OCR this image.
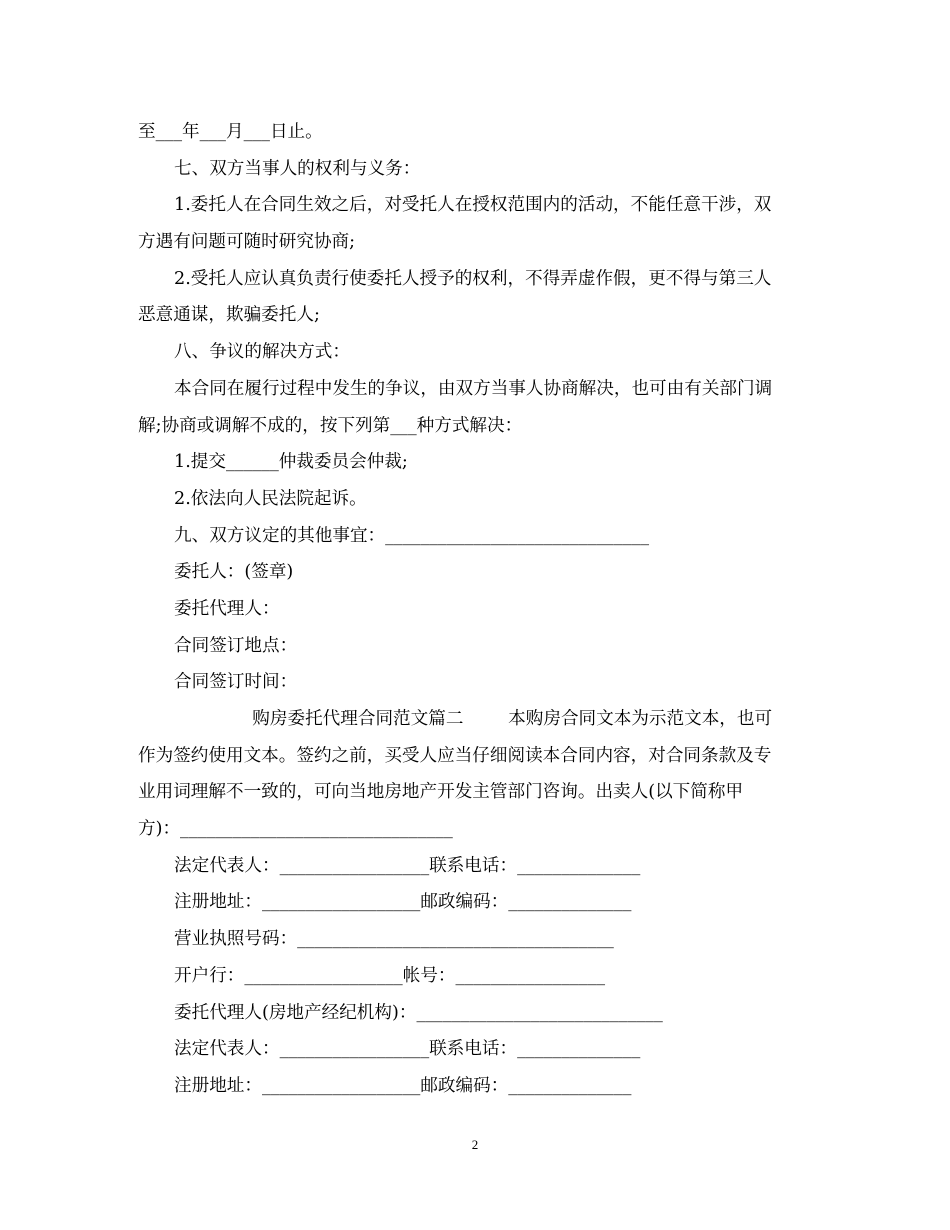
至___年___月___日止。
七、双方当事人的权利与义务：
1.委托人在合同生效之后，对受托人在授权范围内的活动，不能任意干涉，双
方遇有问题可随时研究协商;
2.受托人应认真负责行使委托人授予的权利，不得弄虚作假，更不得与第三人
恶意通谋，欺骗委托人;
八、争议的解决方式：
本合同在履行过程中发生的争议，由双方当事人协商解决，也可由有关部门调
解;协商或调解不成的，按下列第___种方式解决：
1.提交______仲裁委员会仲裁;
2.依法向人民法院起诉。
九、双方议定的其他事宜：______________________________
委托人：(签章)
委托代理人：
合同签订地点：
合同签订时间：
购房委托代理合同范文篇二        本购房合同文本为示范文本，也可
作为签约使用文本。签约之前，买受人应当仔细阅读本合同内容，对合同条款及专
业用词理解不一致的，可向当地房地产开发主管部门咨询。出卖人(以下简称甲
方)：_______________________________
法定代表人：_________________联系电话：______________
注册地址：__________________邮政编码：______________
营业执照号码：____________________________________
开户行：__________________帐号：_________________
委托代理人(房地产经纪机构)：____________________________
法定代表人：_________________联系电话：______________
注册地址：__________________邮政编码：______________
2
